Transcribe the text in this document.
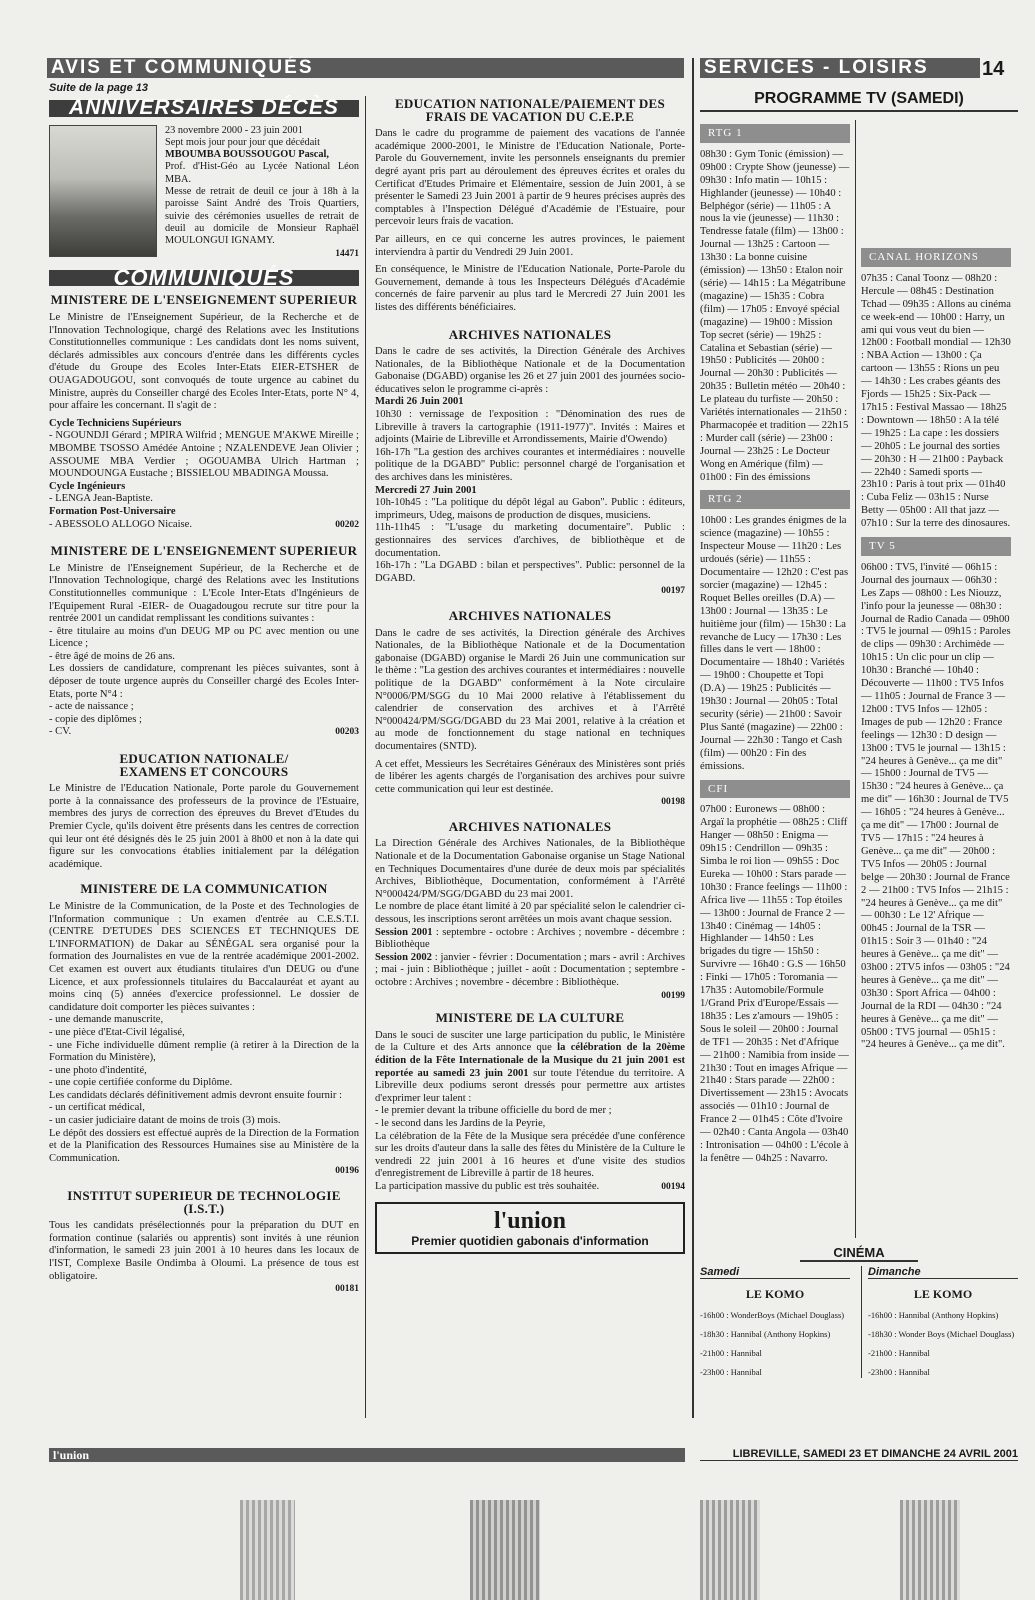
AVIS ET COMMUNIQUÉS
Suite de la page 13
SERVICES - LOISIRS	14
ANNIVERSAIRES DÉCÈS
23 novembre 2000 - 23 juin 2001
Sept mois jour pour jour que décédait
MBOUMBA BOUSSOUGOU Pascal,
Prof. d'Hist-Géo au Lycée National Léon MBA.
Messe de retrait de deuil ce jour à 18h à la paroisse Saint André des Trois Quartiers, suivie des cérémonies usuelles de retrait de deuil au domicile de Monsieur Raphaël MOULONGUI IGNAMY.
14471
COMMUNIQUÉS
MINISTERE DE L'ENSEIGNEMENT SUPERIEUR

Le Ministre de l'Enseignement Supérieur, de la Recherche et de l'Innovation Technologique, chargé des Relations avec les Institutions Constitutionnelles communique : Les candidats dont les noms suivent, déclarés admissibles aux concours d'entrée dans les différents cycles d'étude du Groupe des Ecoles Inter-Etats EIER-ETSHER de OUAGADOUGOU, sont convoqués de toute urgence au cabinet du Ministre, auprès du Conseiller chargé des Ecoles Inter-Etats, porte N° 4, pour affaire les concernant. Il s'agit de :

Cycle Techniciens Supérieurs
- NGOUNDJI Gérard ; MPIRA Wilfrid ; MENGUE M'AKWE Mireille ; MBOMBE TSOSSO Amédée Antoine ; NZALENDEVE Jean Olivier ; ASSOUME MBA Verdier ; OGOUAMBA Ulrich Hartman ; MOUNDOUNGA Eustache ; BISSIELOU MBADINGA Moussa.
Cycle Ingénieurs
- LENGA Jean-Baptiste.
Formation Post-Universaire
- ABESSOLO ALLOGO Nicaise.	00202
MINISTERE DE L'ENSEIGNEMENT SUPERIEUR

Le Ministre de l'Enseignement Supérieur, de la Recherche et de l'Innovation Technologique, chargé des Relations avec les Institutions Constitutionnelles communique : L'Ecole Inter-Etats d'Ingénieurs de l'Equipement Rural -EIER- de Ouagadougou recrute sur titre pour la rentrée 2001 un candidat remplissant les conditions suivantes :

- être titulaire au moins d'un DEUG MP ou PC avec mention ou une Licence ;
- être âgé de moins de 26 ans.
Les dossiers de candidature, comprenant les pièces suivantes, sont à déposer de toute urgence auprès du Conseiller chargé des Ecoles Inter-Etats, porte N°4 :
- acte de naissance ;
- copie des diplômes ;
- CV.	00203
EDUCATION NATIONALE/
EXAMENS ET CONCOURS

Le Ministre de l'Education Nationale, Porte parole du Gouvernement porte à la connaissance des professeurs de la province de l'Estuaire, membres des jurys de correction des épreuves du Brevet d'Etudes du Premier Cycle, qu'ils doivent être présents dans les centres de correction qui leur ont été désignés dès le 25 juin 2001 à 8h00 et non à la date qui figure sur les convocations établies initialement par la délégation académique.

MINISTERE DE LA COMMUNICATION

Le Ministre de la Communication, de la Poste et des Technologies de l'Information communique : Un examen d'entrée au C.E.S.T.I. (CENTRE D'ETUDES DES SCIENCES ET TECHNIQUES DE L'INFORMATION) de Dakar au SÉNÉGAL sera organisé pour la formation des Journalistes en vue de la rentrée académique 2001-2002. Cet examen est ouvert aux étudiants titulaires d'un DEUG ou d'une Licence, et aux professionnels titulaires du Baccalauréat et ayant au moins cinq (5) années d'exercice professionnel. Le dossier de candidature doit comporter les pièces suivantes :

- une demande manuscrite,
- une pièce d'Etat-Civil légalisé,
- une Fiche individuelle dûment remplie (à retirer à la Direction de la Formation du Ministère),
- une photo d'indentité,
- une copie certifiée conforme du Diplôme.
Les candidats déclarés définitivement admis devront ensuite fournir :
- un certificat médical,
- un casier judiciaire datant de moins de trois (3) mois.
Le dépôt des dossiers est effectué auprès de la Direction de la Formation et de la Planification des Ressources Humaines sise au Ministère de la Communication.
00196
INSTITUT SUPERIEUR DE TECHNOLOGIE (I.S.T.)

Tous les candidats présélectionnés pour la préparation du DUT en formation continue (salariés ou apprentis) sont invités à une réunion d'information, le samedi 23 juin 2001 à 10 heures dans les locaux de l'IST, Complexe Basile Ondimba à Oloumi. La présence de tous est obligatoire.

00181
EDUCATION NATIONALE/PAIEMENT DES FRAIS DE VACATION DU C.E.P.E

Dans le cadre du programme de paiement des vacations de l'année académique 2000-2001, le Ministre de l'Education Nationale, Porte-Parole du Gouvernement, invite les personnels enseignants du premier degré ayant pris part au déroulement des épreuves écrites et orales du Certificat d'Etudes Primaire et Elémentaire, session de Juin 2001, à se présenter le Samedi 23 Juin 2001 à partir de 9 heures précises auprès des comptables à l'Inspection Délégué d'Académie de l'Estuaire, pour percevoir leurs frais de vacation.

Par ailleurs, en ce qui concerne les autres provinces, le paiement interviendra à partir du Vendredi 29 Juin 2001.

En conséquence, le Ministre de l'Education Nationale, Porte-Parole du Gouvernement, demande à tous les Inspecteurs Délégués d'Académie concernés de faire parvenir au plus tard le Mercredi 27 Juin 2001 les listes des différents bénéficiaires.

ARCHIVES NATIONALES

Dans le cadre de ses activités, la Direction Générale des Archives Nationales, de la Bibliothèque Nationale et de la Documentation Gabonaise (DGABD) organise les 26 et 27 juin 2001 des journées socio-éducatives selon le programme ci-après :

Mardi 26 Juin 2001
10h30 : vernissage de l'exposition : "Dénomination des rues de Libreville à travers la cartographie (1911-1977)". Invités : Maires et adjoints (Mairie de Libreville et Arrondissements, Mairie d'Owendo)
16h-17h "La gestion des archives courantes et intermédiaires : nouvelle politique de la DGABD" Public: personnel chargé de l'organisation et des archives dans les ministères.
Mercredi 27 Juin 2001
10h-10h45 : "La politique du dépôt légal au Gabon". Public : éditeurs, imprimeurs, Udeg, maisons de production de disques, musiciens.
11h-11h45 : "L'usage du marketing documentaire". Public : gestionnaires des services d'archives, de bibliothèque et de documentation.
16h-17h : "La DGABD : bilan et perspectives". Public: personnel de la DGABD.
00197
ARCHIVES NATIONALES

Dans le cadre de ses activités, la Direction générale des Archives Nationales, de la Bibliothèque Nationale et de la Documentation gabonaise (DGABD) organise le Mardi 26 Juin une communication sur le thème : "La gestion des archives courantes et intermédiaires : nouvelle politique de la DGABD" conformément à la Note circulaire N°0006/PM/SGG du 10 Mai 2000 relative à l'établissement du calendrier de conservation des archives et à l'Arrêté N°000424/PM/SGG/DGABD du 23 Mai 2001, relative à la création et au mode de fonctionnement du stage national en techniques documentaires (SNTD).

A cet effet, Messieurs les Secrétaires Généraux des Ministères sont priés de libérer les agents chargés de l'organisation des archives pour suivre cette communication qui leur est destinée.

00198
ARCHIVES NATIONALES

La Direction Générale des Archives Nationales, de la Bibliothèque Nationale et de la Documentation Gabonaise organise un Stage National en Techniques Documentaires d'une durée de deux mois par spécialités Archives, Bibliothèque, Documentation, conformément à l'Arrêté N°000424/PM/SGG/DGABD du 23 mai 2001.

Le nombre de place étant limité à 20 par spécialité selon le calendrier ci-dessous, les inscriptions seront arrêtées un mois avant chaque session.

Session 2001 : septembre - octobre : Archives ; novembre - décembre : Bibliothèque
Session 2002 : janvier - février : Documentation ; mars - avril : Archives ; mai - juin : Bibliothèque ; juillet - août : Documentation ; septembre - octobre : Archives ; novembre - décembre : Bibliothèque.
00199
MINISTERE DE LA CULTURE

Dans le souci de susciter une large participation du public, le Ministère de la Culture et des Arts annonce que la célébration de la 20ème édition de la Fête Internationale de la Musique du 21 juin 2001 est reportée au samedi 23 juin 2001 sur toute l'étendue du territoire. A Libreville deux podiums seront dressés pour permettre aux artistes d'exprimer leur talent :

- le premier devant la tribune officielle du bord de mer ;
- le second dans les Jardins de la Peyrie,

La célébration de la Fête de la Musique sera précédée d'une conférence sur les droits d'auteur dans la salle des fêtes du Ministère de la Culture le vendredi 22 juin 2001 à 16 heures et d'une visite des studios d'enregistrement de Libreville à partir de 18 heures.

La participation massive du public est très souhaitée.	00194
l'union
Premier quotidien gabonais d'information
PROGRAMME TV (SAMEDI)
RTG 1

08h30 : Gym Tonic (émission) — 09h00 : Crypte Show (jeunesse) — 09h30 : Info matin — 10h15 : Highlander (jeunesse) — 10h40 : Belphégor (série) — 11h05 : A nous la vie (jeunesse) — 11h30 : Tendresse fatale (film) — 13h00 : Journal — 13h25 : Cartoon — 13h30 : La bonne cuisine (émission) — 13h50 : Etalon noir (série) — 14h15 : La Mégatribune (magazine) — 15h35 : Cobra (film) — 17h05 : Envoyé spécial (magazine) — 19h00 : Mission Top secret (série) — 19h25 : Catalina et Sebastian (série) — 19h50 : Publicités — 20h00 : Journal — 20h30 : Publicités — 20h35 : Bulletin météo — 20h40 : Le plateau du turfiste — 20h50 : Variétés internationales — 21h50 : Pharmacopée et tradition — 22h15 : Murder call (série) — 23h00 : Journal — 23h25 : Le Docteur Wong en Amérique (film) — 01h00 : Fin des émissions

RTG 2

10h00 : Les grandes énigmes de la science (magazine) — 10h55 : Inspecteur Mouse — 11h20 : Les urdoués (série) — 11h55 : Documentaire — 12h20 : C'est pas sorcier (magazine) — 12h45 : Roquet Belles oreilles (D.A) — 13h00 : Journal — 13h35 : Le huitième jour (film) — 15h30 : La revanche de Lucy — 17h30 : Les filles dans le vert — 18h00 : Documentaire — 18h40 : Variétés — 19h00 : Choupette et Topi (D.A) — 19h25 : Publicités — 19h30 : Journal — 20h05 : Total security (série) — 21h00 : Savoir Plus Santé (magazine) — 22h00 : Journal — 22h30 : Tango et Cash (film) — 00h20 : Fin des émissions.

CFI

07h00 : Euronews — 08h00 : Argaï la prophétie — 08h25 : Cliff Hanger — 08h50 : Enigma — 09h15 : Cendrillon — 09h35 : Simba le roi lion — 09h55 : Doc Eureka — 10h00 : Stars parade — 10h30 : France feelings — 11h00 : Africa live — 11h55 : Top étoiles — 13h00 : Journal de France 2 — 13h40 : Cinémag — 14h05 : Highlander — 14h50 : Les brigades du tigre — 15h50 : Survivre — 16h40 : G.S — 16h50 : Finki — 17h05 : Toromania — 17h35 : Automobile/Formule 1/Grand Prix d'Europe/Essais — 18h35 : Les z'amours — 19h05 : Sous le soleil — 20h00 : Journal de TF1 — 20h35 : Net d'Afrique — 21h00 : Namibia from inside — 21h30 : Tout en images Afrique — 21h40 : Stars parade — 22h00 : Divertissement — 23h15 : Avocats associés — 01h10 : Journal de France 2 — 01h45 : Côte d'Ivoire — 02h40 : Canta Angola — 03h40 : Intronisation — 04h00 : L'école à la fenêtre — 04h25 : Navarro.

CANAL HORIZONS

07h35 : Canal Toonz — 08h20 : Hercule — 08h45 : Destination Tchad — 09h35 : Allons au cinéma ce week-end — 10h00 : Harry, un ami qui vous veut du bien — 12h00 : Football mondial — 12h30 : NBA Action — 13h00 : Ça cartoon — 13h55 : Rions un peu — 14h30 : Les crabes géants des Fjords — 15h25 : Six-Pack — 17h15 : Festival Massao — 18h25 : Downtown — 18h50 : A la télé — 19h25 : La cape : les dossiers — 20h05 : Le journal des sorties — 20h30 : H — 21h00 : Payback — 22h40 : Samedi sports — 23h10 : Paris à tout prix — 01h40 : Cuba Feliz — 03h15 : Nurse Betty — 05h00 : All that jazz — 07h10 : Sur la terre des dinosaures.

TV 5

06h00 : TV5, l'invité — 06h15 : Journal des journaux — 06h30 : Les Zaps — 08h00 : Les Niouzz, l'info pour la jeunesse — 08h30 : Journal de Radio Canada — 09h00 : TV5 le journal — 09h15 : Paroles de clips — 09h30 : Archimède — 10h15 : Un clic pour un clip — 10h30 : Branché — 10h40 : Découverte — 11h00 : TV5 Infos — 11h05 : Journal de France 3 — 12h00 : TV5 Infos — 12h05 : Images de pub — 12h20 : France feelings — 12h30 : D design — 13h00 : TV5 le journal — 13h15 : "24 heures à Genève... ça me dit" — 15h00 : Journal de TV5 — 15h30 : "24 heures à Genève... ça me dit" — 16h30 : Journal de TV5 — 16h05 : "24 heures à Genève... ça me dit" — 17h00 : Journal de TV5 — 17h15 : "24 heures à Genève... ça me dit" — 20h00 : TV5 Infos — 20h05 : Journal belge — 20h30 : Journal de France 2 — 21h00 : TV5 Infos — 21h15 : "24 heures à Genève... ça me dit" — 00h30 : Le 12' Afrique — 00h45 : Journal de la TSR — 01h15 : Soir 3 — 01h40 : "24 heures à Genève... ça me dit" — 03h00 : 2TV5 infos — 03h05 : "24 heures à Genève... ça me dit" — 03h30 : Sport Africa — 04h00 : Journal de la RDI — 04h30 : "24 heures à Genève... ça me dit" — 05h00 : TV5 journal — 05h15 : "24 heures à Genève... ça me dit".

CINÉMA
Samedi
LE KOMO
-16h00 : WonderBoys (Michael Douglass)
-18h30 : Hannibal (Anthony Hopkins)
-21h00 : Hannibal
-23h00 : Hannibal
Dimanche
LE KOMO
-16h00 : Hannibal (Anthony Hopkins)
-18h30 : Wonder Boys (Michael Douglass)
-21h00 : Hannibal
-23h00 : Hannibal
l'union	LIBREVILLE, SAMEDI 23 ET DIMANCHE 24 AVRIL 2001
